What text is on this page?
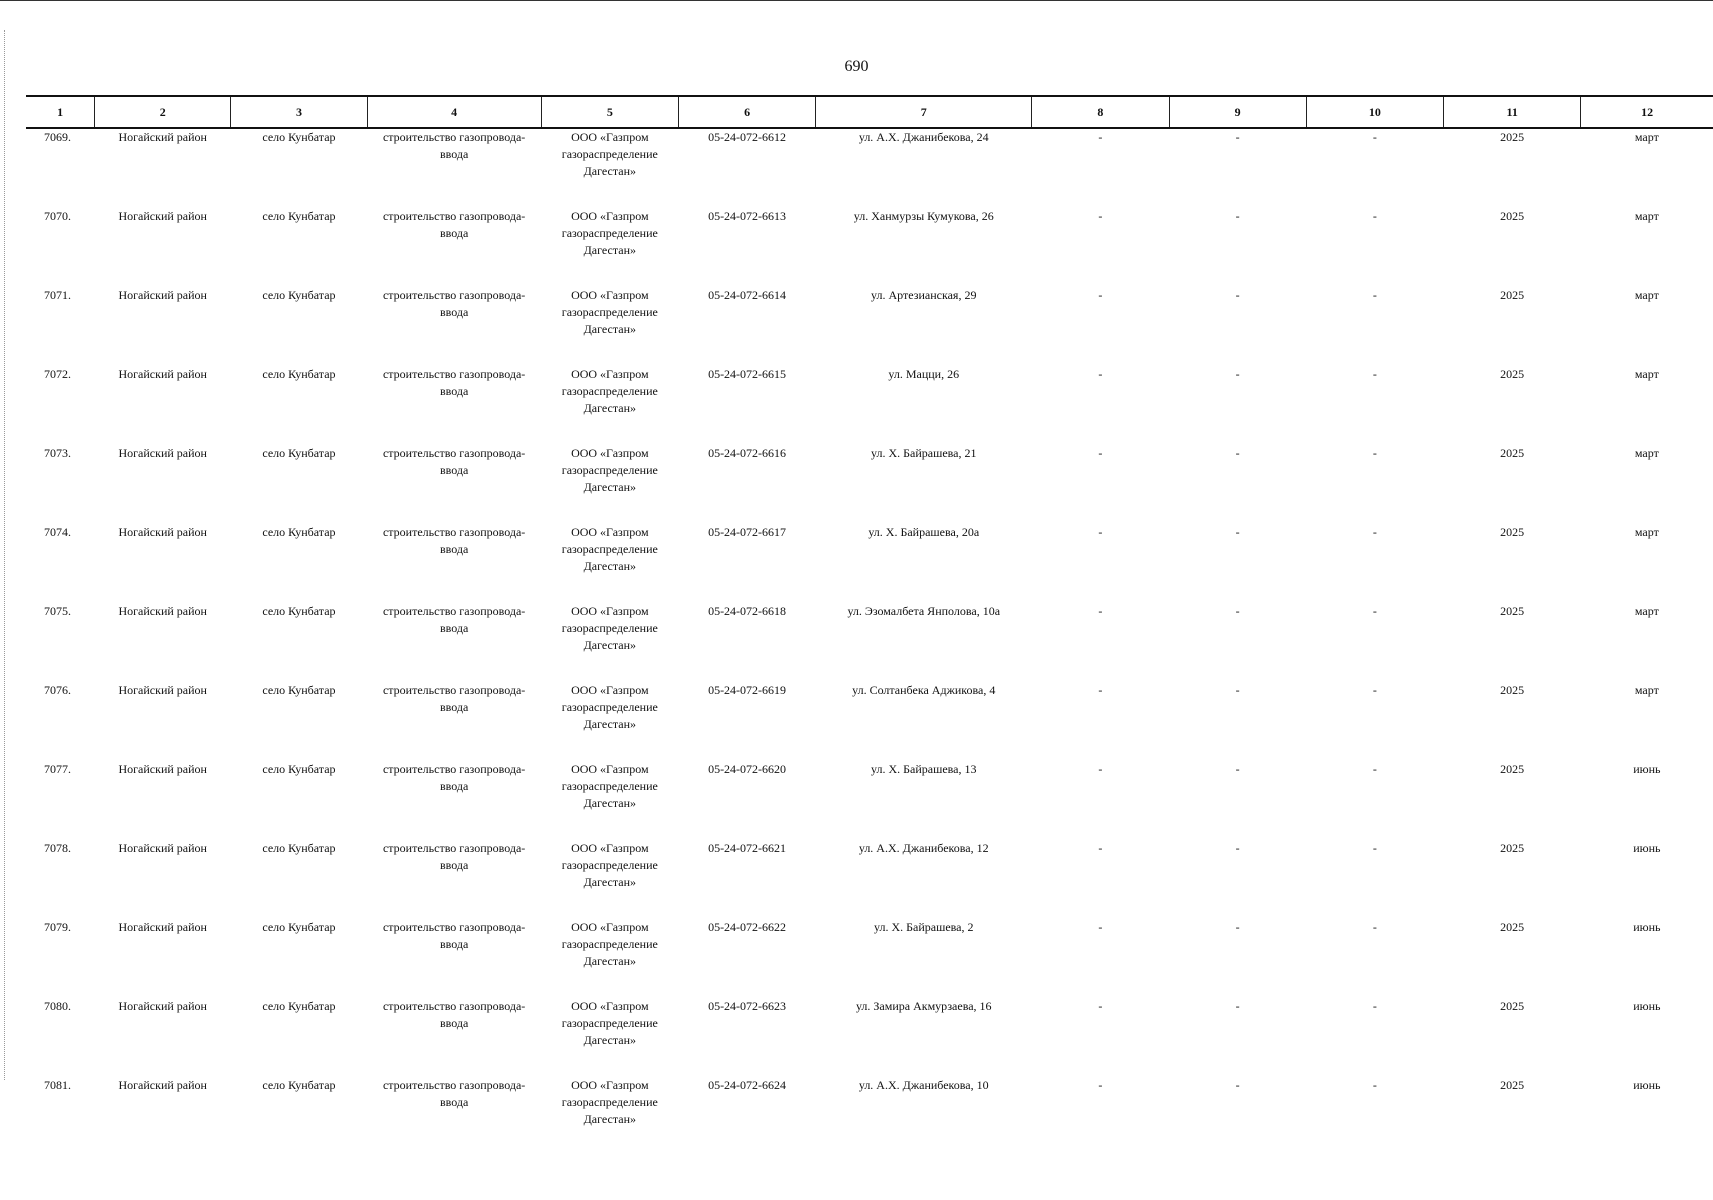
690
1	2	3	4	5	6	7	8	9	10	11	12
7069.	Ногайский район	село Кунбатар	строительство газопровода-
ввода	ООО «Газпром
газораспределение
Дагестан»	05-24-072-6612	ул. А.Х. Джанибекова, 24	-	-	-	2025	март
7070.	Ногайский район	село Кунбатар	строительство газопровода-
ввода	ООО «Газпром
газораспределение
Дагестан»	05-24-072-6613	ул. Ханмурзы Кумукова, 26	-	-	-	2025	март
7071.	Ногайский район	село Кунбатар	строительство газопровода-
ввода	ООО «Газпром
газораспределение
Дагестан»	05-24-072-6614	ул. Артезианская, 29	-	-	-	2025	март
7072.	Ногайский район	село Кунбатар	строительство газопровода-
ввода	ООО «Газпром
газораспределение
Дагестан»	05-24-072-6615	ул. Мацци, 26	-	-	-	2025	март
7073.	Ногайский район	село Кунбатар	строительство газопровода-
ввода	ООО «Газпром
газораспределение
Дагестан»	05-24-072-6616	ул. Х. Байрашева, 21	-	-	-	2025	март
7074.	Ногайский район	село Кунбатар	строительство газопровода-
ввода	ООО «Газпром
газораспределение
Дагестан»	05-24-072-6617	ул. Х. Байрашева, 20а	-	-	-	2025	март
7075.	Ногайский район	село Кунбатар	строительство газопровода-
ввода	ООО «Газпром
газораспределение
Дагестан»	05-24-072-6618	ул. Эзомалбета Янполова, 10а	-	-	-	2025	март
7076.	Ногайский район	село Кунбатар	строительство газопровода-
ввода	ООО «Газпром
газораспределение
Дагестан»	05-24-072-6619	ул. Солтанбека Аджикова, 4	-	-	-	2025	март
7077.	Ногайский район	село Кунбатар	строительство газопровода-
ввода	ООО «Газпром
газораспределение
Дагестан»	05-24-072-6620	ул. Х. Байрашева, 13	-	-	-	2025	июнь
7078.	Ногайский район	село Кунбатар	строительство газопровода-
ввода	ООО «Газпром
газораспределение
Дагестан»	05-24-072-6621	ул. А.Х. Джанибекова, 12	-	-	-	2025	июнь
7079.	Ногайский район	село Кунбатар	строительство газопровода-
ввода	ООО «Газпром
газораспределение
Дагестан»	05-24-072-6622	ул. Х. Байрашева, 2	-	-	-	2025	июнь
7080.	Ногайский район	село Кунбатар	строительство газопровода-
ввода	ООО «Газпром
газораспределение
Дагестан»	05-24-072-6623	ул. Замира Акмурзаева, 16	-	-	-	2025	июнь
7081.	Ногайский район	село Кунбатар	строительство газопровода-
ввода	ООО «Газпром
газораспределение
Дагестан»	05-24-072-6624	ул. А.Х. Джанибекова, 10	-	-	-	2025	июнь
